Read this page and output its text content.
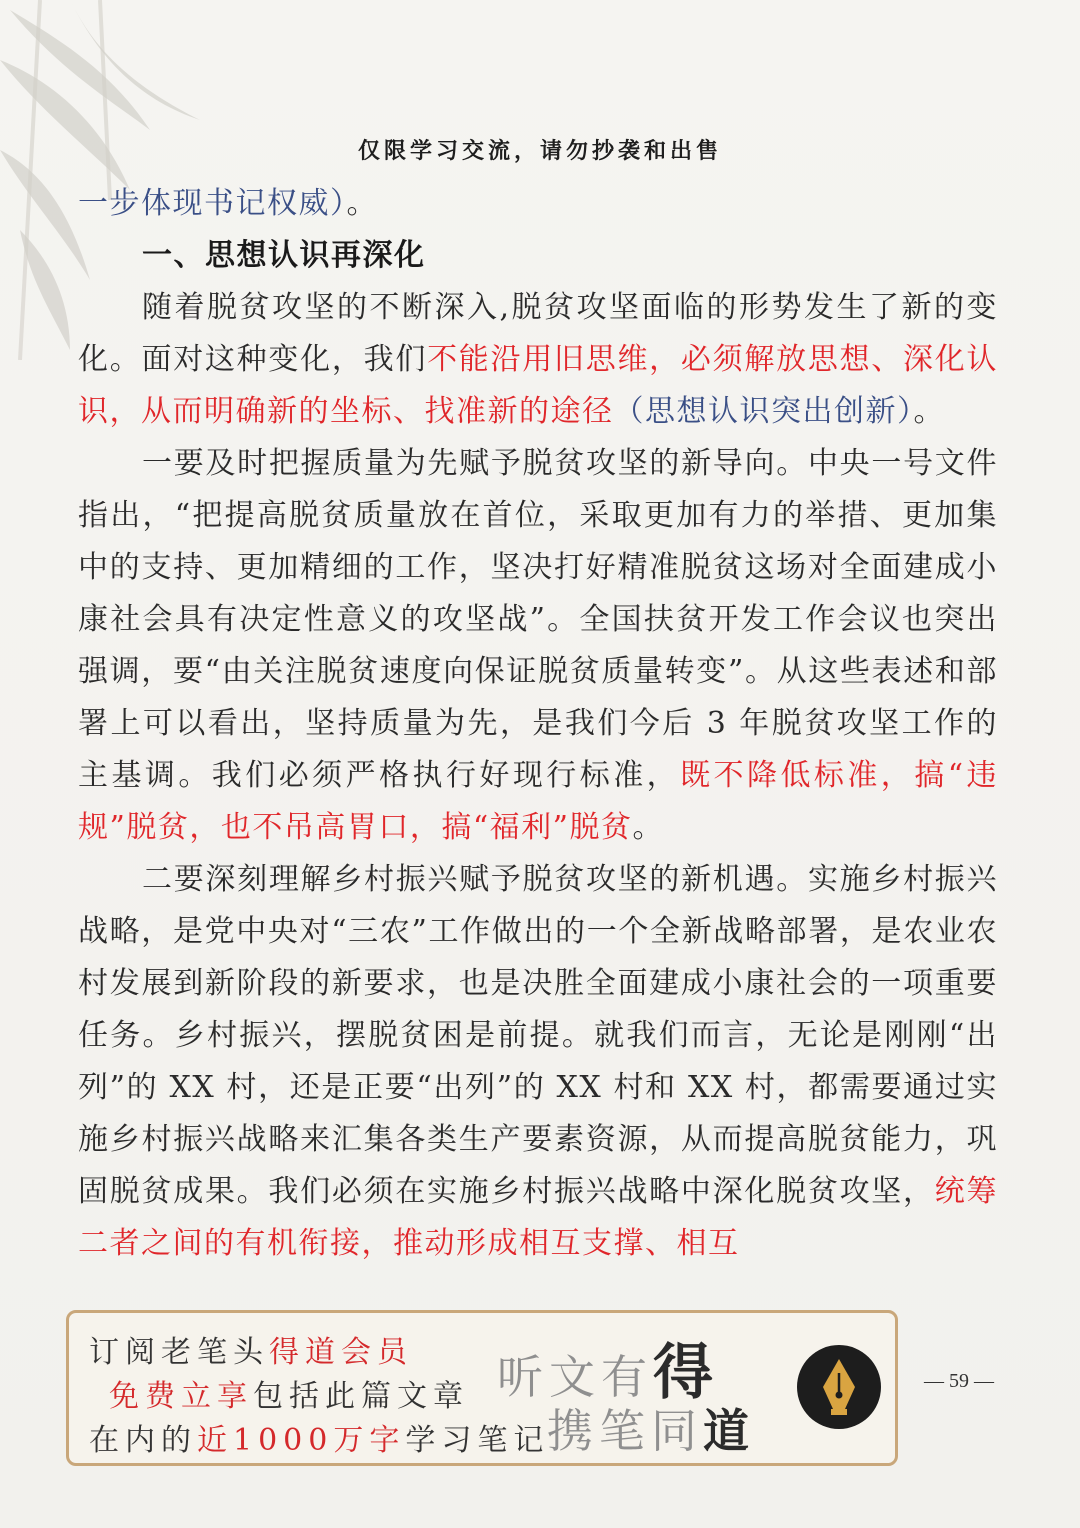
仅限学习交流，请勿抄袭和出售

一步体现书记权威）。

一、思想认识再深化

随着脱贫攻坚的不断深入,脱贫攻坚面临的形势发生了新的变化。面对这种变化，我们不能沿用旧思维，必须解放思想、深化认识，从而明确新的坐标、找准新的途径（思想认识突出创新）。

一要及时把握质量为先赋予脱贫攻坚的新导向。中央一号文件指出，“把提高脱贫质量放在首位，采取更加有力的举措、更加集中的支持、更加精细的工作，坚决打好精准脱贫这场对全面建成小康社会具有决定性意义的攻坚战”。全国扶贫开发工作会议也突出强调，要“由关注脱贫速度向保证脱贫质量转变”。从这些表述和部署上可以看出，坚持质量为先，是我们今后 3 年脱贫攻坚工作的主基调。我们必须严格执行好现行标准，既不降低标准，搞“违规”脱贫，也不吊高胃口，搞“福利”脱贫。

二要深刻理解乡村振兴赋予脱贫攻坚的新机遇。实施乡村振兴战略，是党中央对“三农”工作做出的一个全新战略部署，是农业农村发展到新阶段的新要求，也是决胜全面建成小康社会的一项重要任务。乡村振兴，摆脱贫困是前提。就我们而言，无论是刚刚“出列”的 XX 村，还是正要“出列”的 XX 村和 XX 村，都需要通过实施乡村振兴战略来汇集各类生产要素资源，从而提高脱贫能力，巩固脱贫成果。我们必须在实施乡村振兴战略中深化脱贫攻坚，统筹二者之间的有机衔接，推动形成相互支撑、相互

订阅老笔头得道会员
免费立享包括此篇文章
在内的近1000万字学习笔记
听文有得
携笔同道
— 59 —
